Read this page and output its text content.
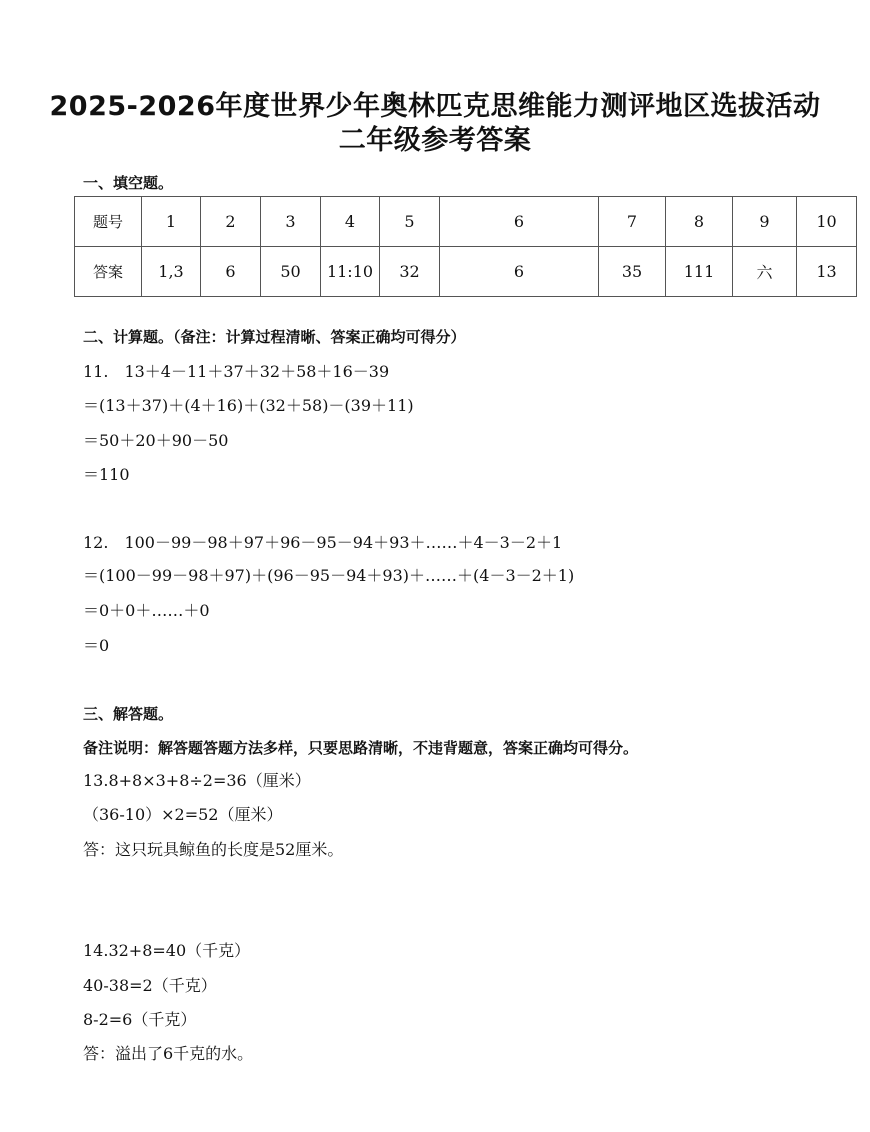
2025-2026年度世界少年奥林匹克思维能力测评地区选拔活动
二年级参考答案
一、填空题。
题号	1	2	3	4	5	6	7	8	9	10
答案	1,3	6	50	11:10	32	6	35	111	六	13
二、计算题。（备注：计算过程清晰、答案正确均可得分）
11.　13＋4－11＋37＋32＋58＋16－39
＝(13＋37)＋(4＋16)＋(32＋58)－(39＋11)
＝50＋20＋90－50
＝110
12.　100－99－98＋97＋96－95－94＋93＋……＋4－3－2＋1
＝(100－99－98＋97)＋(96－95－94＋93)＋……＋(4－3－2＋1)
＝0＋0＋……＋0
＝0
三、解答题。
备注说明：解答题答题方法多样，只要思路清晰，不违背题意，答案正确均可得分。
13.8+8×3+8÷2=36（厘米）
（36-10）×2=52（厘米）
答：这只玩具鲸鱼的长度是52厘米。
14.32+8=40（千克）
40-38=2（千克）
8-2=6（千克）
答：溢出了6千克的水。
